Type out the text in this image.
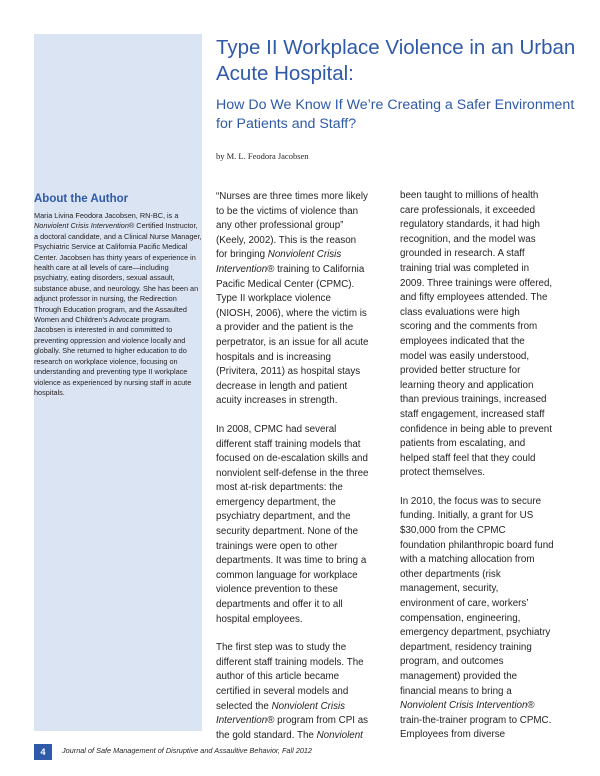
About the Author

Maria Livina Feodora Jacobsen, RN-BC, is a Nonviolent Crisis Intervention® Certified Instructor, a doctoral candidate, and a Clinical Nurse Manager, Psychiatric Service at California Pacific Medical Center. Jacobsen has thirty years of experience in health care at all levels of care—including psychiatry, eating disorders, sexual assault, substance abuse, and neurology. She has been an adjunct professor in nursing, the Redirection Through Education program, and the Assaulted Women and Children’s Advocate program. Jacobsen is interested in and committed to preventing oppression and violence locally and globally. She returned to higher education to do research on workplace violence, focusing on understanding and preventing type II workplace violence as experienced by nursing staff in acute hospitals.

Type II Workplace Violence in an Urban Acute Hospital:
How Do We Know If We’re Creating a Safer Environment for Patients and Staff?

by M. L. Feodora Jacobsen

“Nurses are three times more likely to be the victims of violence than any other professional group” (Keely, 2002). This is the reason for bringing Nonviolent Crisis Intervention® training to California Pacific Medical Center (CPMC). Type II workplace violence (NIOSH, 2006), where the victim is a provider and the patient is the perpetrator, is an issue for all acute hospitals and is increasing (Privitera, 2011) as hospital stays decrease in length and patient acuity increases in strength.

In 2008, CPMC had several different staff training models that focused on de-escalation skills and nonviolent self-defense in the three most at-risk departments: the emergency department, the psychiatry department, and the security department. None of the trainings were open to other departments. It was time to bring a common language for workplace violence prevention to these departments and offer it to all hospital employees.

The first step was to study the different staff training models. The author of this article became certified in several models and selected the Nonviolent Crisis Intervention® program from CPI as the gold standard. The Nonviolent

been taught to millions of health care professionals, it exceeded regulatory standards, it had high recognition, and the model was grounded in research. A staff training trial was completed in 2009. Three trainings were offered, and fifty employees attended. The class evaluations were high scoring and the comments from employees indicated that the model was easily understood, provided better structure for learning theory and application than previous trainings, increased staff engagement, increased staff confidence in being able to prevent patients from escalating, and helped staff feel that they could protect themselves.

In 2010, the focus was to secure funding. Initially, a grant for US $30,000 from the CPMC foundation philanthropic board fund with a matching allocation from other departments (risk management, security, environment of care, workers’ compensation, engineering, emergency department, psychiatry department, residency training program, and outcomes management) provided the financial means to bring a Nonviolent Crisis Intervention® train-the-trainer program to CPMC. Employees from diverse

4	Journal of Safe Management of Disruptive and Assaultive Behavior, Fall 2012
